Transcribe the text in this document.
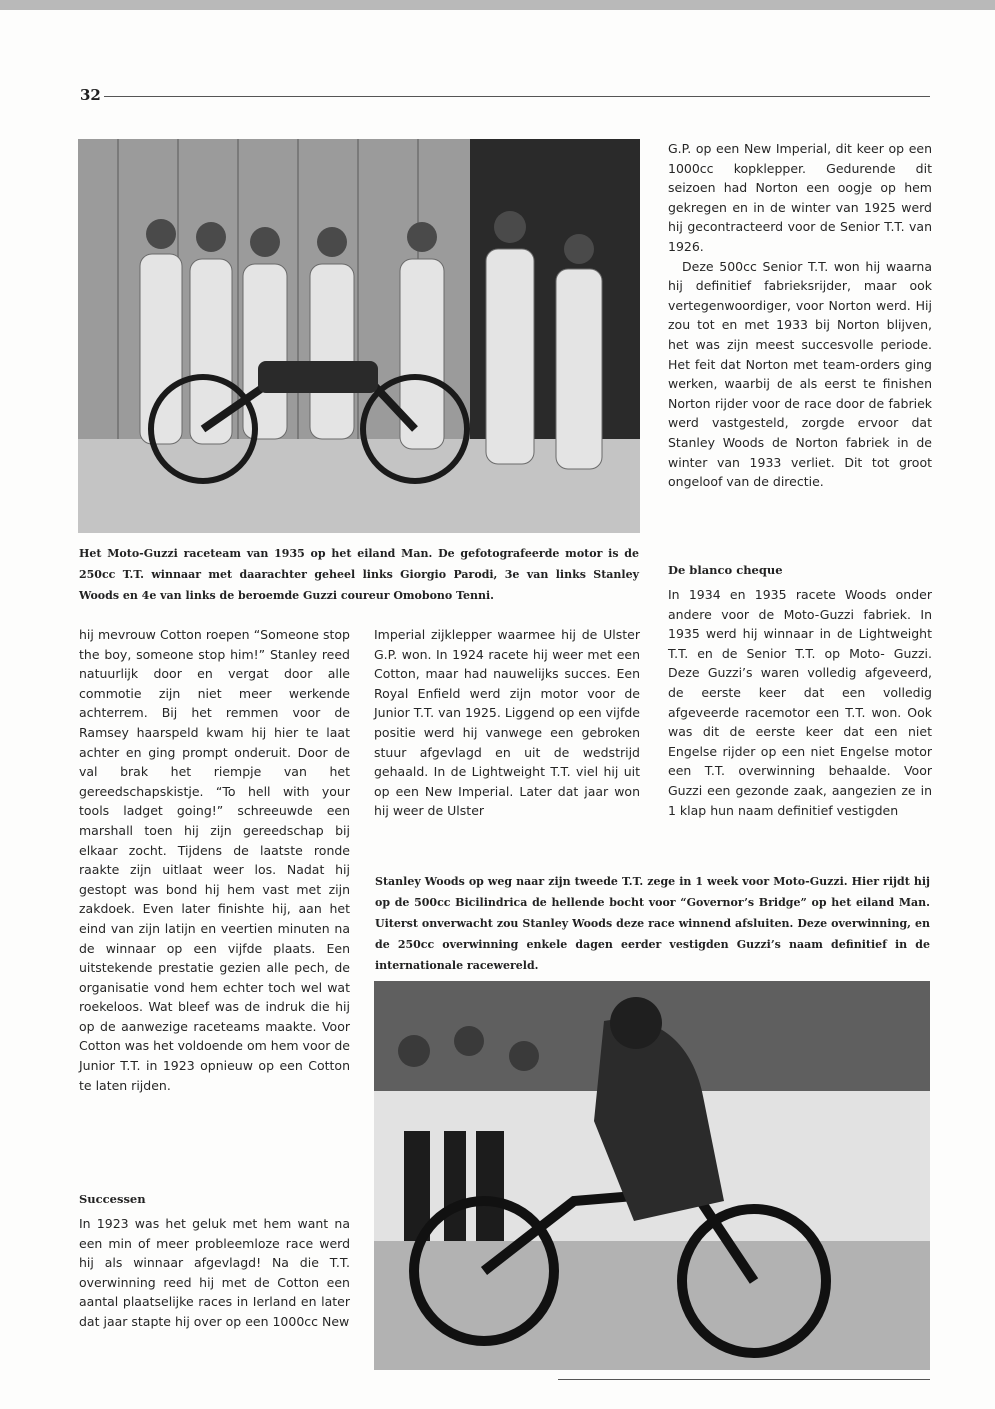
32

Het Moto-Guzzi raceteam van 1935 op het eiland Man. De gefotografeerde motor is de 250cc T.T. winnaar met daarachter geheel links Giorgio Parodi, 3e van links Stanley Woods en 4e van links de beroemde Guzzi coureur Omobono Tenni.

G.P. op een New Imperial, dit keer op een 1000cc kopklepper. Gedurende dit seizoen had Norton een oogje op hem gekregen en in de winter van 1925 werd hij gecontracteerd voor de Senior T.T. van 1926.

Deze 500cc Senior T.T. won hij waarna hij definitief fabrieksrijder, maar ook vertegenwoordiger, voor Norton werd. Hij zou tot en met 1933 bij Norton blijven, het was zijn meest succesvolle periode. Het feit dat Norton met team-orders ging werken, waarbij de als eerst te finishen Norton rijder voor de race door de fabriek werd vastgesteld, zorgde ervoor dat Stanley Woods de Norton fabriek in de winter van 1933 verliet. Dit tot groot ongeloof van de directie.

De blanco cheque

In 1934 en 1935 racete Woods onder andere voor de Moto-Guzzi fabriek. In 1935 werd hij winnaar in de Lightweight T.T. en de Senior T.T. op Moto- Guzzi. Deze Guzzi’s waren volledig afgeveerd, de eerste keer dat een volledig afgeveerde racemotor een T.T. won. Ook was dit de eerste keer dat een niet Engelse rijder op een niet Engelse motor een T.T. overwinning behaalde. Voor Guzzi een gezonde zaak, aangezien ze in 1 klap hun naam definitief vestigden

hij mevrouw Cotton roepen “Someone stop the boy, someone stop him!” Stanley reed natuurlijk door en vergat door alle commotie zijn niet meer werkende achterrem. Bij het remmen voor de Ramsey haarspeld kwam hij hier te laat achter en ging prompt onderuit. Door de val brak het riempje van het gereedschapskistje. “To hell with your tools ladget going!” schreeuwde een marshall toen hij zijn gereedschap bij elkaar zocht. Tijdens de laatste ronde raakte zijn uitlaat weer los. Nadat hij gestopt was bond hij hem vast met zijn zakdoek. Even later finishte hij, aan het eind van zijn latijn en veertien minuten na de winnaar op een vijfde plaats. Een uitstekende prestatie gezien alle pech, de organisatie vond hem echter toch wel wat roekeloos. Wat bleef was de indruk die hij op de aanwezige raceteams maakte. Voor Cotton was het voldoende om hem voor de Junior T.T. in 1923 opnieuw op een Cotton te laten rijden.

Successen

In 1923 was het geluk met hem want na een min of meer probleemloze race werd hij als winnaar afgevlagd! Na die T.T. overwinning reed hij met de Cotton een aantal plaatselijke races in Ierland en later dat jaar stapte hij over op een 1000cc New

Imperial zijklepper waarmee hij de Ulster G.P. won. In 1924 racete hij weer met een Cotton, maar had nauwelijks succes. Een Royal Enfield werd zijn motor voor de Junior T.T. van 1925. Liggend op een vijfde positie werd hij vanwege een gebroken stuur afgevlagd en uit de wedstrijd gehaald. In de Lightweight T.T. viel hij uit op een New Imperial. Later dat jaar won hij weer de Ulster

Stanley Woods op weg naar zijn tweede T.T. zege in 1 week voor Moto-Guzzi. Hier rijdt hij op de 500cc Bicilindrica de hellende bocht voor “Governor’s Bridge” op het eiland Man. Uiterst onverwacht zou Stanley Woods deze race winnend afsluiten. Deze overwinning, en de 250cc overwinning enkele dagen eerder vestigden Guzzi’s naam definitief in de internationale racewereld.
